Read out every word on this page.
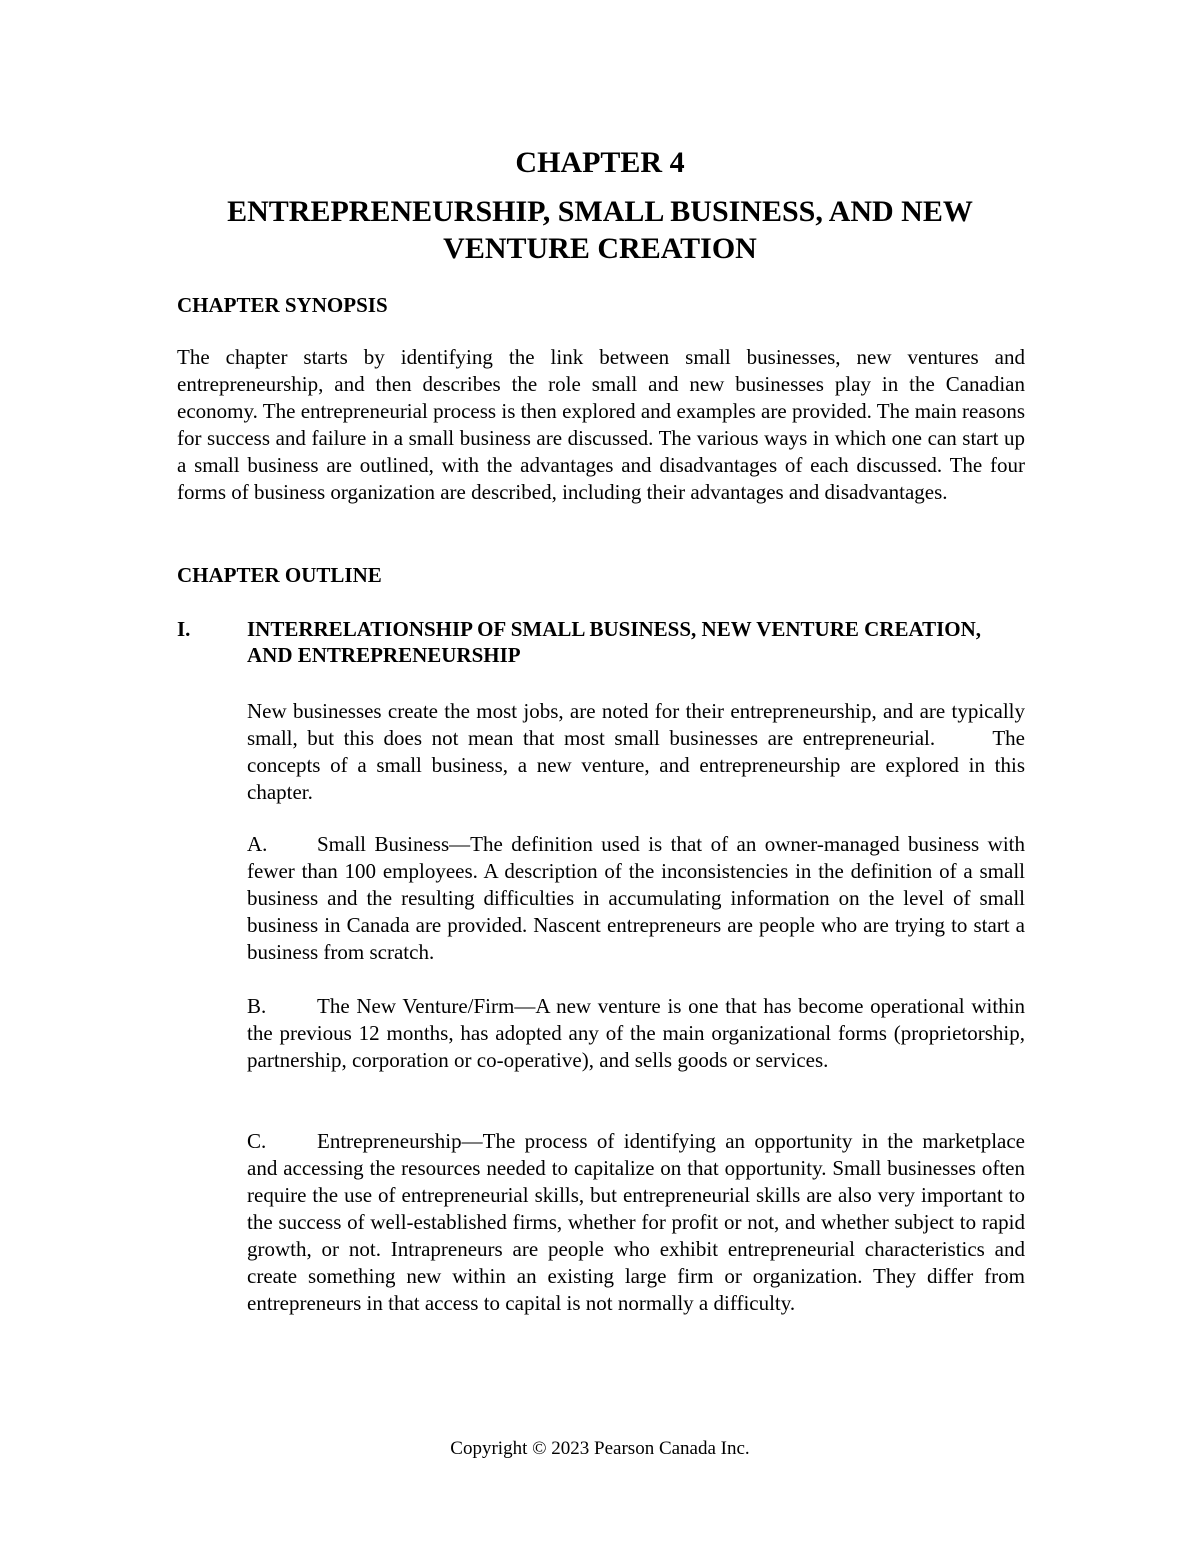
CHAPTER 4
ENTREPRENEURSHIP, SMALL BUSINESS, AND NEW VENTURE CREATION
CHAPTER SYNOPSIS
The chapter starts by identifying the link between small businesses, new ventures and entrepreneurship, and then describes the role small and new businesses play in the Canadian economy. The entrepreneurial process is then explored and examples are provided. The main reasons for success and failure in a small business are discussed. The various ways in which one can start up a small business are outlined, with the advantages and disadvantages of each discussed. The four forms of business organization are described, including their advantages and disadvantages.
CHAPTER OUTLINE
I.	INTERRELATIONSHIP OF SMALL BUSINESS, NEW VENTURE CREATION, AND ENTREPRENEURSHIP
New businesses create the most jobs, are noted for their entrepreneurship, and are typically small, but this does not mean that most small businesses are entrepreneurial.      The concepts of a small business, a new venture, and entrepreneurship are explored in this chapter.
A. Small Business—The definition used is that of an owner-managed business with fewer than 100 employees. A description of the inconsistencies in the definition of a small business and the resulting difficulties in accumulating information on the level of small business in Canada are provided. Nascent entrepreneurs are people who are trying to start a business from scratch.
B. The New Venture/Firm—A new venture is one that has become operational within the previous 12 months, has adopted any of the main organizational forms (proprietorship, partnership, corporation or co-operative), and sells goods or services.
C. Entrepreneurship—The process of identifying an opportunity in the marketplace and accessing the resources needed to capitalize on that opportunity. Small businesses often require the use of entrepreneurial skills, but entrepreneurial skills are also very important to the success of well-established firms, whether for profit or not, and whether subject to rapid growth, or not. Intrapreneurs are people who exhibit entrepreneurial characteristics and create something new within an existing large firm or organization. They differ from entrepreneurs in that access to capital is not normally a difficulty.
Copyright © 2023 Pearson Canada Inc.
